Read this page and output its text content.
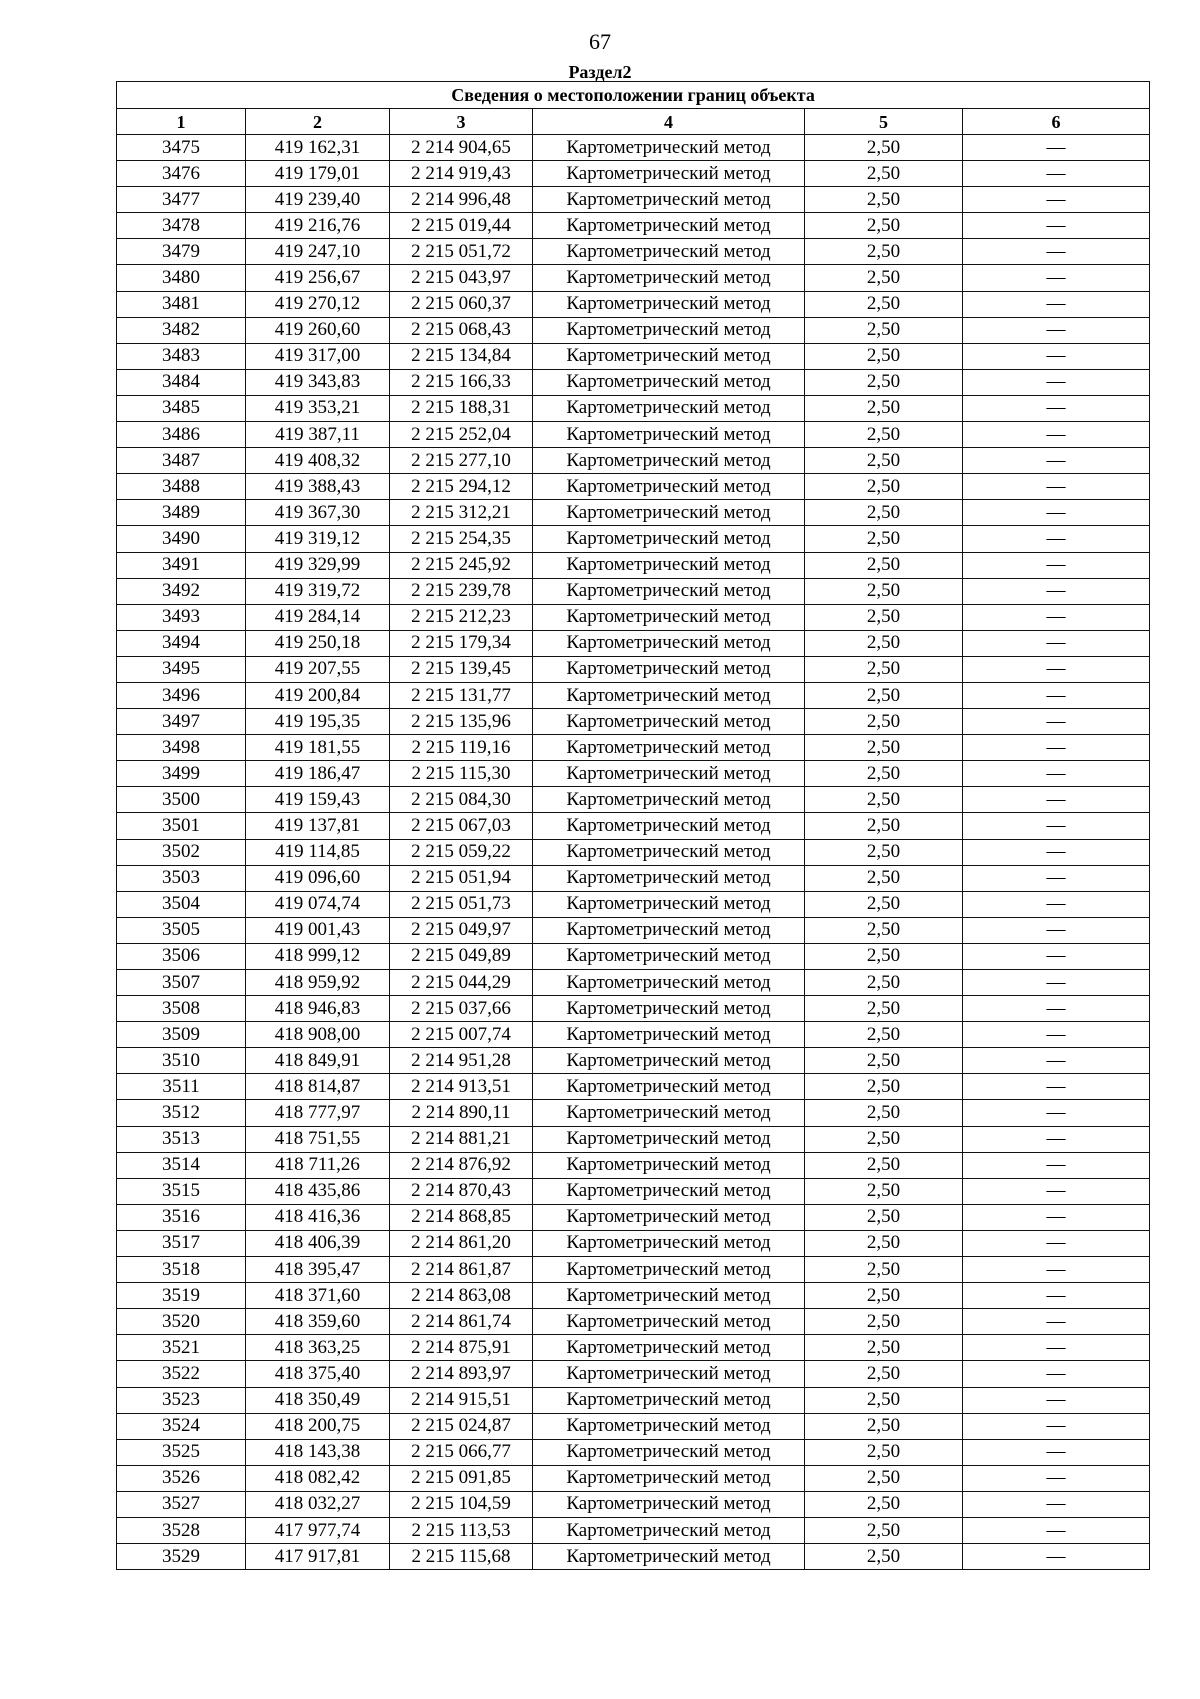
67
Раздел2
Сведения о местоположении границ объекта					
1	2	3	4	5	6
3475	419 162,31	2 214 904,65	Картометрический метод	2,50	—
3476	419 179,01	2 214 919,43	Картометрический метод	2,50	—
3477	419 239,40	2 214 996,48	Картометрический метод	2,50	—
3478	419 216,76	2 215 019,44	Картометрический метод	2,50	—
3479	419 247,10	2 215 051,72	Картометрический метод	2,50	—
3480	419 256,67	2 215 043,97	Картометрический метод	2,50	—
3481	419 270,12	2 215 060,37	Картометрический метод	2,50	—
3482	419 260,60	2 215 068,43	Картометрический метод	2,50	—
3483	419 317,00	2 215 134,84	Картометрический метод	2,50	—
3484	419 343,83	2 215 166,33	Картометрический метод	2,50	—
3485	419 353,21	2 215 188,31	Картометрический метод	2,50	—
3486	419 387,11	2 215 252,04	Картометрический метод	2,50	—
3487	419 408,32	2 215 277,10	Картометрический метод	2,50	—
3488	419 388,43	2 215 294,12	Картометрический метод	2,50	—
3489	419 367,30	2 215 312,21	Картометрический метод	2,50	—
3490	419 319,12	2 215 254,35	Картометрический метод	2,50	—
3491	419 329,99	2 215 245,92	Картометрический метод	2,50	—
3492	419 319,72	2 215 239,78	Картометрический метод	2,50	—
3493	419 284,14	2 215 212,23	Картометрический метод	2,50	—
3494	419 250,18	2 215 179,34	Картометрический метод	2,50	—
3495	419 207,55	2 215 139,45	Картометрический метод	2,50	—
3496	419 200,84	2 215 131,77	Картометрический метод	2,50	—
3497	419 195,35	2 215 135,96	Картометрический метод	2,50	—
3498	419 181,55	2 215 119,16	Картометрический метод	2,50	—
3499	419 186,47	2 215 115,30	Картометрический метод	2,50	—
3500	419 159,43	2 215 084,30	Картометрический метод	2,50	—
3501	419 137,81	2 215 067,03	Картометрический метод	2,50	—
3502	419 114,85	2 215 059,22	Картометрический метод	2,50	—
3503	419 096,60	2 215 051,94	Картометрический метод	2,50	—
3504	419 074,74	2 215 051,73	Картометрический метод	2,50	—
3505	419 001,43	2 215 049,97	Картометрический метод	2,50	—
3506	418 999,12	2 215 049,89	Картометрический метод	2,50	—
3507	418 959,92	2 215 044,29	Картометрический метод	2,50	—
3508	418 946,83	2 215 037,66	Картометрический метод	2,50	—
3509	418 908,00	2 215 007,74	Картометрический метод	2,50	—
3510	418 849,91	2 214 951,28	Картометрический метод	2,50	—
3511	418 814,87	2 214 913,51	Картометрический метод	2,50	—
3512	418 777,97	2 214 890,11	Картометрический метод	2,50	—
3513	418 751,55	2 214 881,21	Картометрический метод	2,50	—
3514	418 711,26	2 214 876,92	Картометрический метод	2,50	—
3515	418 435,86	2 214 870,43	Картометрический метод	2,50	—
3516	418 416,36	2 214 868,85	Картометрический метод	2,50	—
3517	418 406,39	2 214 861,20	Картометрический метод	2,50	—
3518	418 395,47	2 214 861,87	Картометрический метод	2,50	—
3519	418 371,60	2 214 863,08	Картометрический метод	2,50	—
3520	418 359,60	2 214 861,74	Картометрический метод	2,50	—
3521	418 363,25	2 214 875,91	Картометрический метод	2,50	—
3522	418 375,40	2 214 893,97	Картометрический метод	2,50	—
3523	418 350,49	2 214 915,51	Картометрический метод	2,50	—
3524	418 200,75	2 215 024,87	Картометрический метод	2,50	—
3525	418 143,38	2 215 066,77	Картометрический метод	2,50	—
3526	418 082,42	2 215 091,85	Картометрический метод	2,50	—
3527	418 032,27	2 215 104,59	Картометрический метод	2,50	—
3528	417 977,74	2 215 113,53	Картометрический метод	2,50	—
3529	417 917,81	2 215 115,68	Картометрический метод	2,50	—
